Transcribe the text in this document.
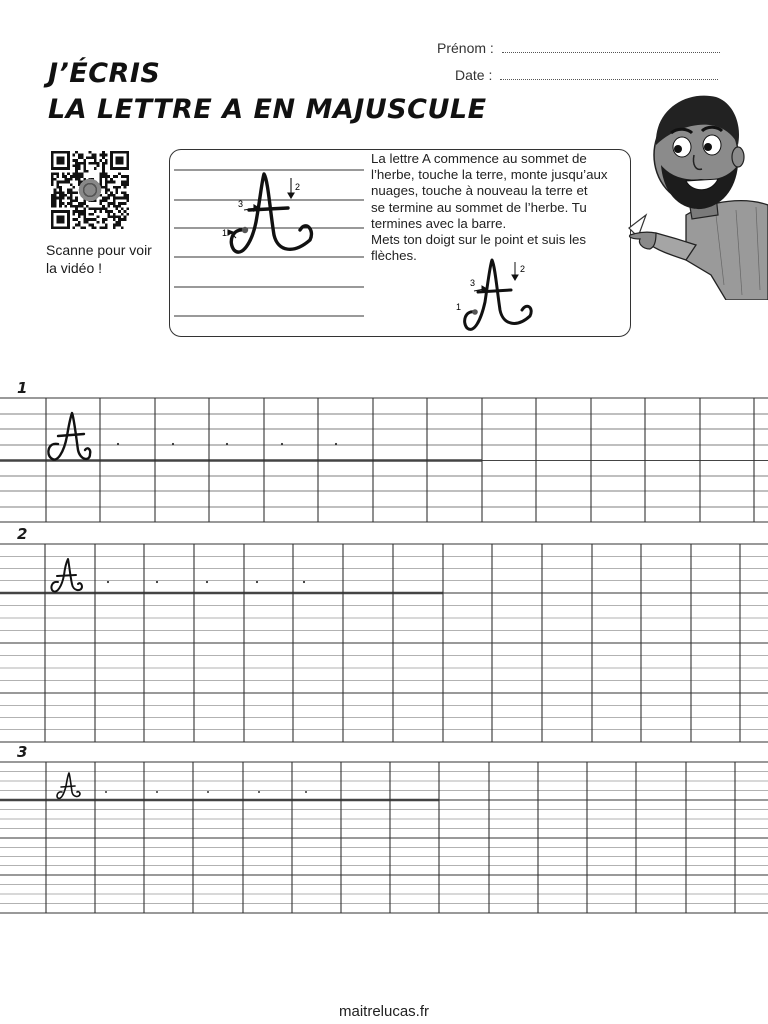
J’ÉCRIS
LA LETTRE A EN MAJUSCULE
Prénom :
Date :
Scanne pour voir la vidéo !
2
3
1
2
3
1
La lettre A commence au sommet de
l’herbe, touche la terre, monte jusqu’aux
nuages, touche à nouveau la terre et
se termine au sommet de l’herbe. Tu
termines avec la barre.
Mets ton doigt sur le point et suis les
flèches.
1
2
3
maitrelucas.fr
